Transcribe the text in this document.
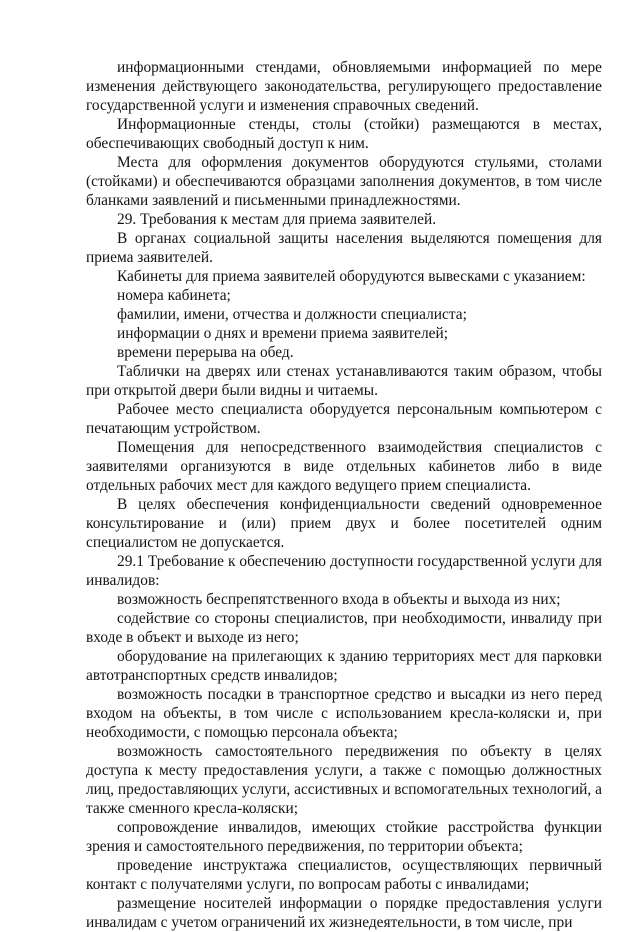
информационными стендами, обновляемыми информацией по мере изменения действующего законодательства, регулирующего предоставление государственной услуги и изменения справочных сведений.

Информационные стенды, столы (стойки) размещаются в местах, обеспечивающих свободный доступ к ним.

Места для оформления документов оборудуются стульями, столами (стойками) и обеспечиваются образцами заполнения документов, в том числе бланками заявлений и письменными принадлежностями.

29. Требования к местам для приема заявителей.

В органах социальной защиты населения выделяются помещения для приема заявителей.

Кабинеты для приема заявителей оборудуются вывесками с указанием:

номера кабинета;

фамилии, имени, отчества и должности специалиста;

информации о днях и времени приема заявителей;

времени перерыва на обед.

Таблички на дверях или стенах устанавливаются таким образом, чтобы при открытой двери были видны и читаемы.

Рабочее место специалиста оборудуется персональным компьютером с печатающим устройством.

Помещения для непосредственного взаимодействия специалистов с заявителями организуются в виде отдельных кабинетов либо в виде отдельных рабочих мест для каждого ведущего прием специалиста.

В целях обеспечения конфиденциальности сведений одновременное консультирование и (или) прием двух и более посетителей одним специалистом не допускается.

29.1 Требование к обеспечению доступности государственной услуги для инвалидов:

возможность беспрепятственного входа в объекты и выхода из них;

содействие со стороны специалистов, при необходимости, инвалиду при входе в объект и выходе из него;

оборудование на прилегающих к зданию территориях мест для парковки автотранспортных средств инвалидов;

возможность посадки в транспортное средство и высадки из него перед входом на объекты, в том числе с использованием кресла-коляски и, при необходимости, с помощью персонала объекта;

возможность самостоятельного передвижения по объекту в целях доступа к месту предоставления услуги, а также с помощью должностных лиц, предоставляющих услуги, ассистивных и вспомогательных технологий, а также сменного кресла-коляски;

сопровождение инвалидов, имеющих стойкие расстройства функции зрения и самостоятельного передвижения, по территории объекта;

проведение инструктажа специалистов, осуществляющих первичный контакт с получателями услуги, по вопросам работы с инвалидами;

размещение носителей информации о порядке предоставления услуги инвалидам с учетом ограничений их жизнедеятельности, в том числе, при
